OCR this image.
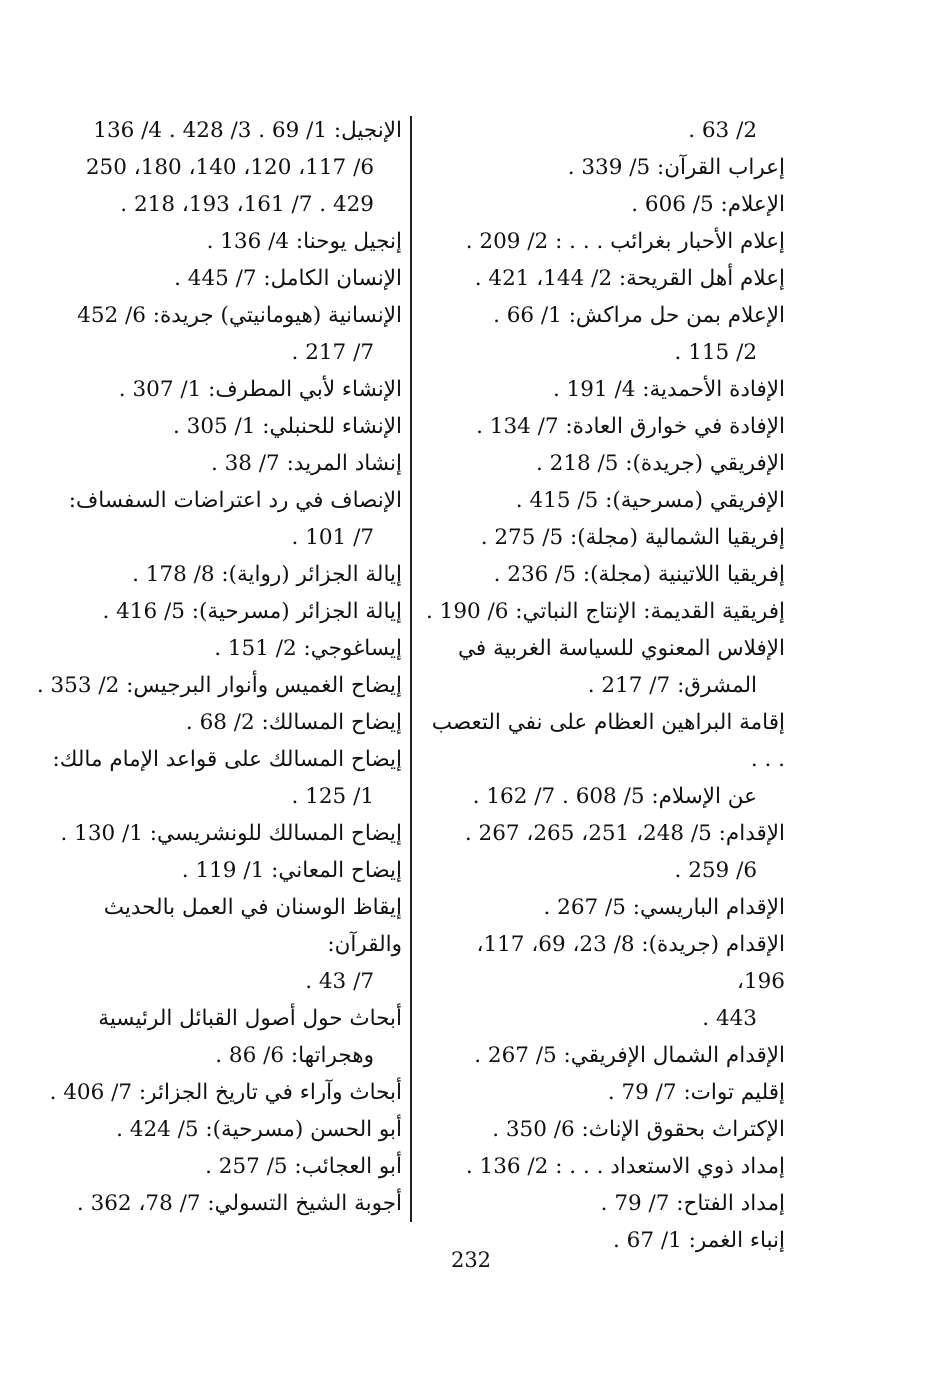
2/ 63 .

إعراب القرآن: 5/ 339 .

الإعلام: 5/ 606 .

إعلام الأحبار بغرائب . . . : 2/ 209 .

إعلام أهل القريحة: 2/ 144، 421 .

الإعلام بمن حل مراكش: 1/ 66 .
2/ 115 .

الإفادة الأحمدية: 4/ 191 .

الإفادة في خوارق العادة: 7/ 134 .

الإفريقي (جريدة): 5/ 218 .

الإفريقي (مسرحية): 5/ 415 .

إفريقيا الشمالية (مجلة): 5/ 275 .

إفريقيا اللاتينية (مجلة): 5/ 236 .

إفريقية القديمة: الإنتاج النباتي: 6/ 190 .

الإفلاس المعنوي للسياسة الغربية في
المشرق: 7/ 217 .

إقامة البراهين العظام على نفي التعصب . . .
عن الإسلام: 5/ 608 . 7/ 162 .

الإقدام: 5/ 248، 251، 265، 267 .
6/ 259 .

الإقدام الباريسي: 5/ 267 .

الإقدام (جريدة): 8/ 23، 69، 117، 196،
443 .

الإقدام الشمال الإفريقي: 5/ 267 .

إقليم توات: 7/ 79 .

الإكتراث بحقوق الإناث: 6/ 350 .

إمداد ذوي الاستعداد . . . : 2/ 136 .

إمداد الفتاح: 7/ 79 .

إنباء الغمر: 1/ 67 .

الإنجيل: 1/ 69 . 3/ 428 . 4/ 136
6/ 117، 120، 140، 180، 250
429 . 7/ 161، 193، 218 .

إنجيل يوحنا: 4/ 136 .

الإنسان الكامل: 7/ 445 .

الإنسانية (هيومانيتي) جريدة: 6/ 452
7/ 217 .

الإنشاء لأبي المطرف: 1/ 307 .

الإنشاء للحنبلي: 1/ 305 .

إنشاد المريد: 7/ 38 .

الإنصاف في رد اعتراضات السفساف:
7/ 101 .

إيالة الجزائر (رواية): 8/ 178 .

إيالة الجزائر (مسرحية): 5/ 416 .

إيساغوجي: 2/ 151 .

إيضاح الغميس وأنوار البرجيس: 2/ 353 .

إيضاح المسالك: 2/ 68 .

إيضاح المسالك على قواعد الإمام مالك:
1/ 125 .

إيضاح المسالك للونشريسي: 1/ 130 .

إيضاح المعاني: 1/ 119 .

إيقاظ الوسنان في العمل بالحديث والقرآن:
7/ 43 .

أبحاث حول أصول القبائل الرئيسية
وهجراتها: 6/ 86 .

أبحاث وآراء في تاريخ الجزائر: 7/ 406 .

أبو الحسن (مسرحية): 5/ 424 .

أبو العجائب: 5/ 257 .

أجوبة الشيخ التسولي: 7/ 78، 362 .

232
